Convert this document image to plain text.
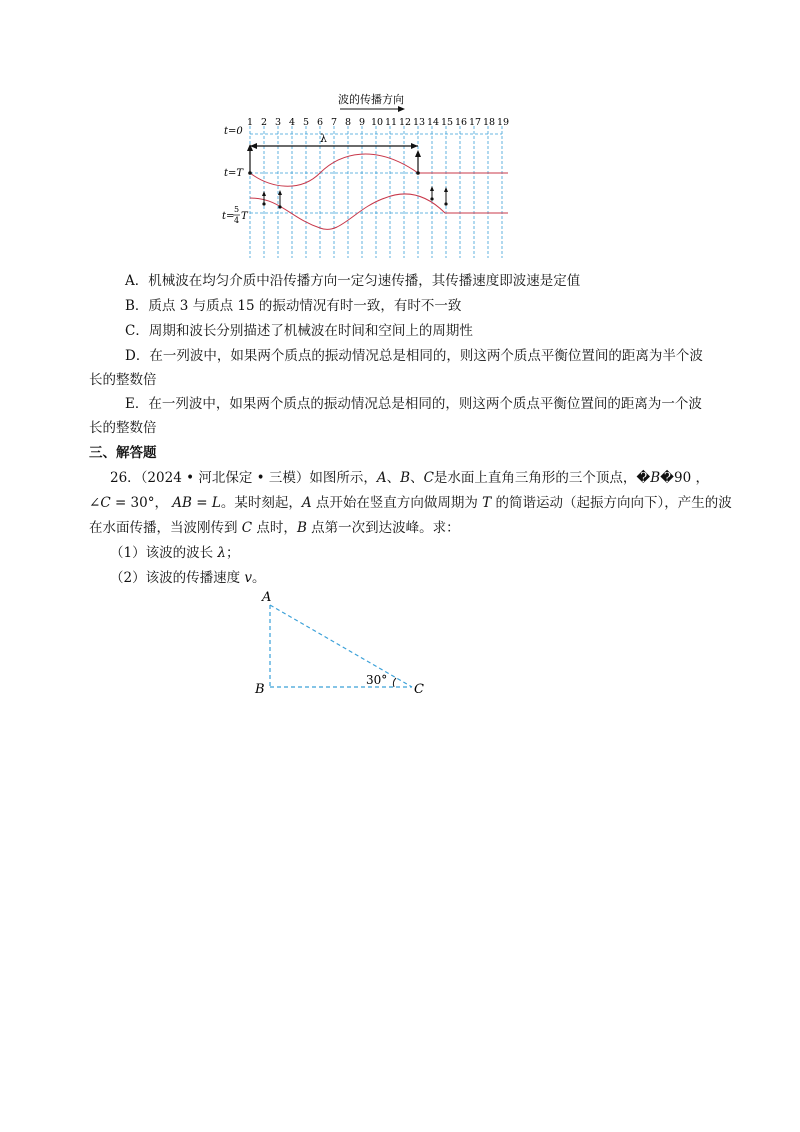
波的传播方向
1 2 3 4 5 6 7 8 9 10 11 12 13 14 15 16 17 18 19
t=0
t=T
t=
5
4 T
λ
A．机械波在均匀介质中沿传播方向一定匀速传播，其传播速度即波速是定值
B．质点 3 与质点 15 的振动情况有时一致，有时不一致
C．周期和波长分别描述了机械波在时间和空间上的周期性
D．在一列波中，如果两个质点的振动情况总是相同的，则这两个质点平衡位置间的距离为半个波
长的整数倍
E．在一列波中，如果两个质点的振动情况总是相同的，则这两个质点平衡位置间的距离为一个波
长的整数倍
三、解答题
26．（2024 • 河北保定 • 三模）如图所示，A、B、C是水面上直角三角形的三个顶点，�B�90 ，
∠C = 30°， AB = L。某时刻起，A 点开始在竖直方向做周期为 T 的简谐运动（起振方向向下），产生的波
在水面传播，当波刚传到 C 点时，B 点第一次到达波峰。求：
（1）该波的波长 λ；
（2）该波的传播速度 v。
A
B	C
30°
